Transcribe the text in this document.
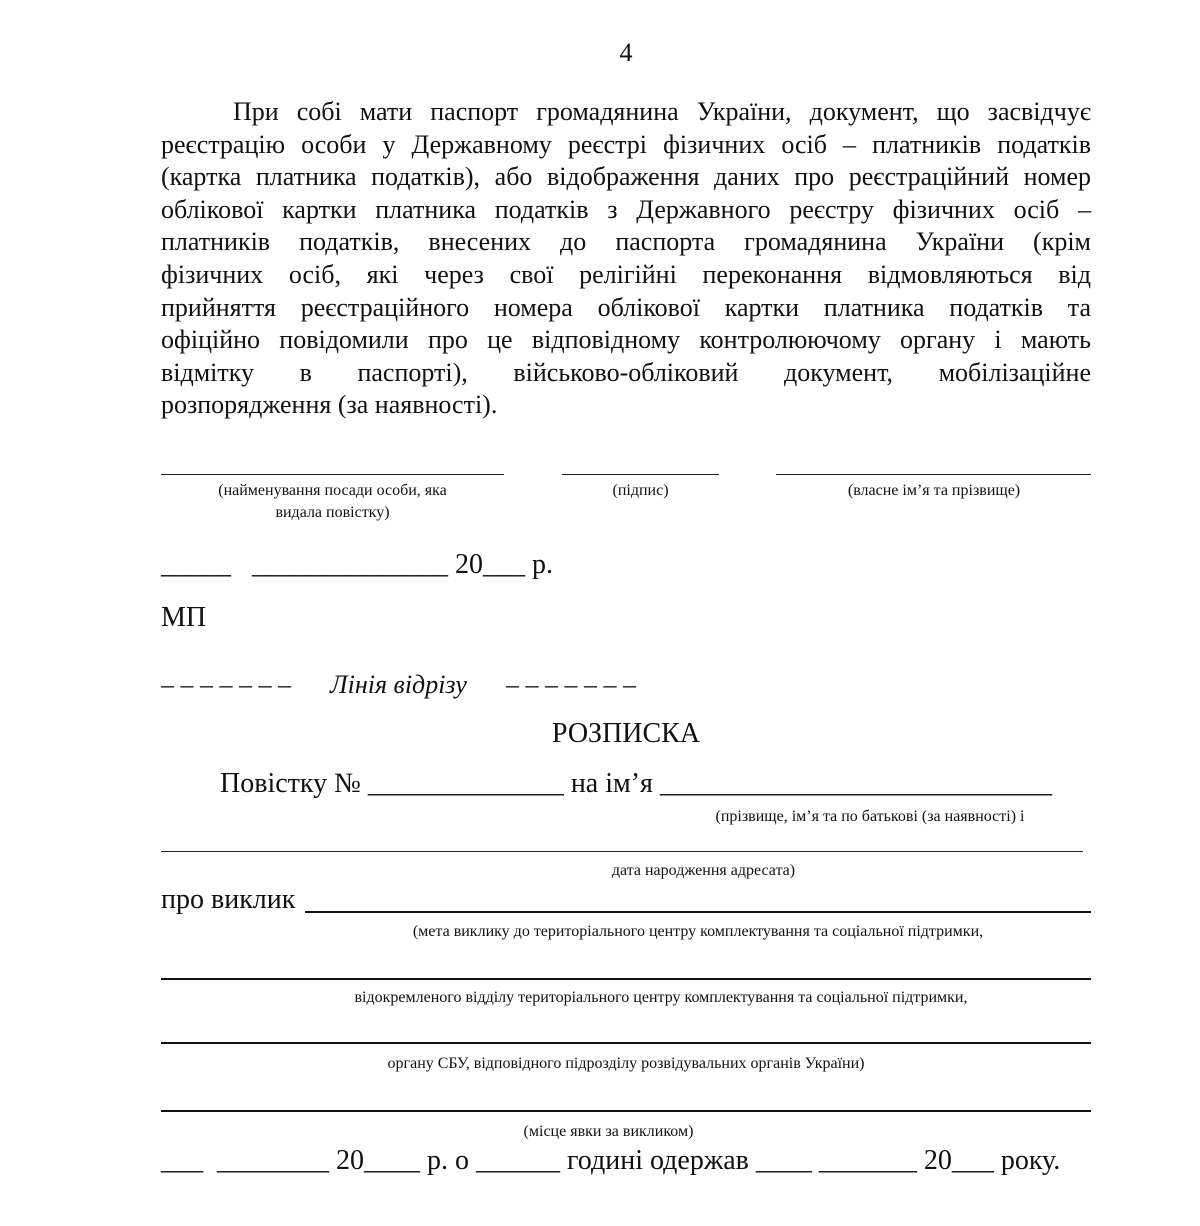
4
При собі мати паспорт громадянина України, документ, що засвідчує
реєстрацію особи у Державному реєстрі фізичних осіб – платників податків
(картка платника податків), або відображення даних про реєстраційний номер
облікової картки платника податків з Державного реєстру фізичних осіб –
платників податків, внесених до паспорта громадянина України (крім
фізичних осіб, які через свої релігійні переконання відмовляються від
прийняття реєстраційного номера облікової картки платника податків та
офіційно повідомили про це відповідному контролюючому органу і мають
відмітку в паспорті), військово-обліковий документ, мобілізаційне
розпорядження (за наявності).
(найменування посади особи, яка
видала повістку)
(підпис)	(власне ім’я та прізвище)
_____ ______________ 20___ р.
МП
– – – – – – – Лінія відрізу – – – – – – –
РОЗПИСКА
Повістку № ______________ на ім’я ____________________________
(прізвище, ім’я та по батькові (за наявності) і
дата народження адресата)
про виклик
(мета виклику до територіального центру комплектування та соціальної підтримки,
відокремленого відділу територіального центру комплектування та соціальної підтримки,
органу СБУ, відповідного підрозділу розвідувальних органів України)
(місце явки за викликом)
___ ________ 20____ р. о ______ годині одержав ____ _______ 20___ року.
